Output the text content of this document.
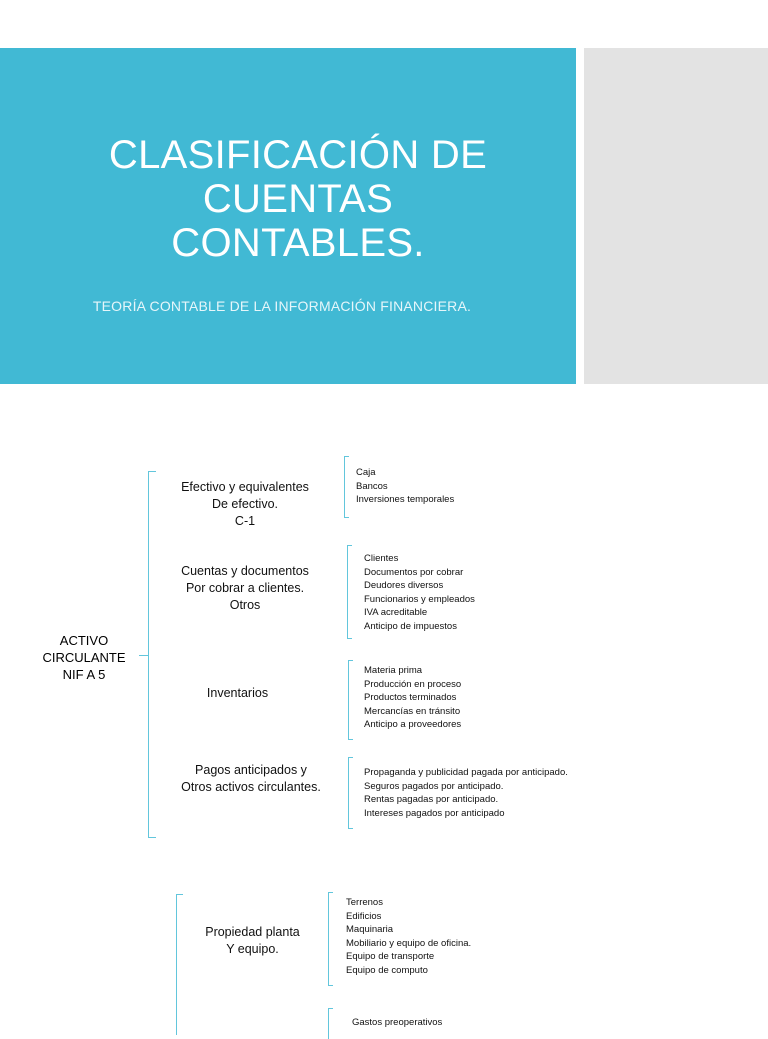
CLASIFICACIÓN DE
CUENTAS
CONTABLES.
TEORÍA CONTABLE DE LA INFORMACIÓN FINANCIERA.
ACTIVO
CIRCULANTE
NIF A 5
Efectivo y equivalentes
De efectivo.
C-1
Caja
Bancos
Inversiones temporales
Cuentas y documentos
Por cobrar a clientes.
Otros
Clientes
Documentos por cobrar
Deudores diversos
Funcionarios y empleados
IVA acreditable
Anticipo de impuestos
Inventarios
Materia prima
Producción en proceso
Productos terminados
Mercancías en tránsito
Anticipo a proveedores
Pagos anticipados y
Otros activos circulantes.
Propaganda y publicidad pagada por anticipado.
Seguros pagados por anticipado.
Rentas pagadas por anticipado.
Intereses pagados por anticipado
Propiedad planta
Y equipo.
Terrenos
Edificios
Maquinaria
Mobiliario y equipo de oficina.
Equipo de transporte
Equipo de computo
Gastos preoperativos
